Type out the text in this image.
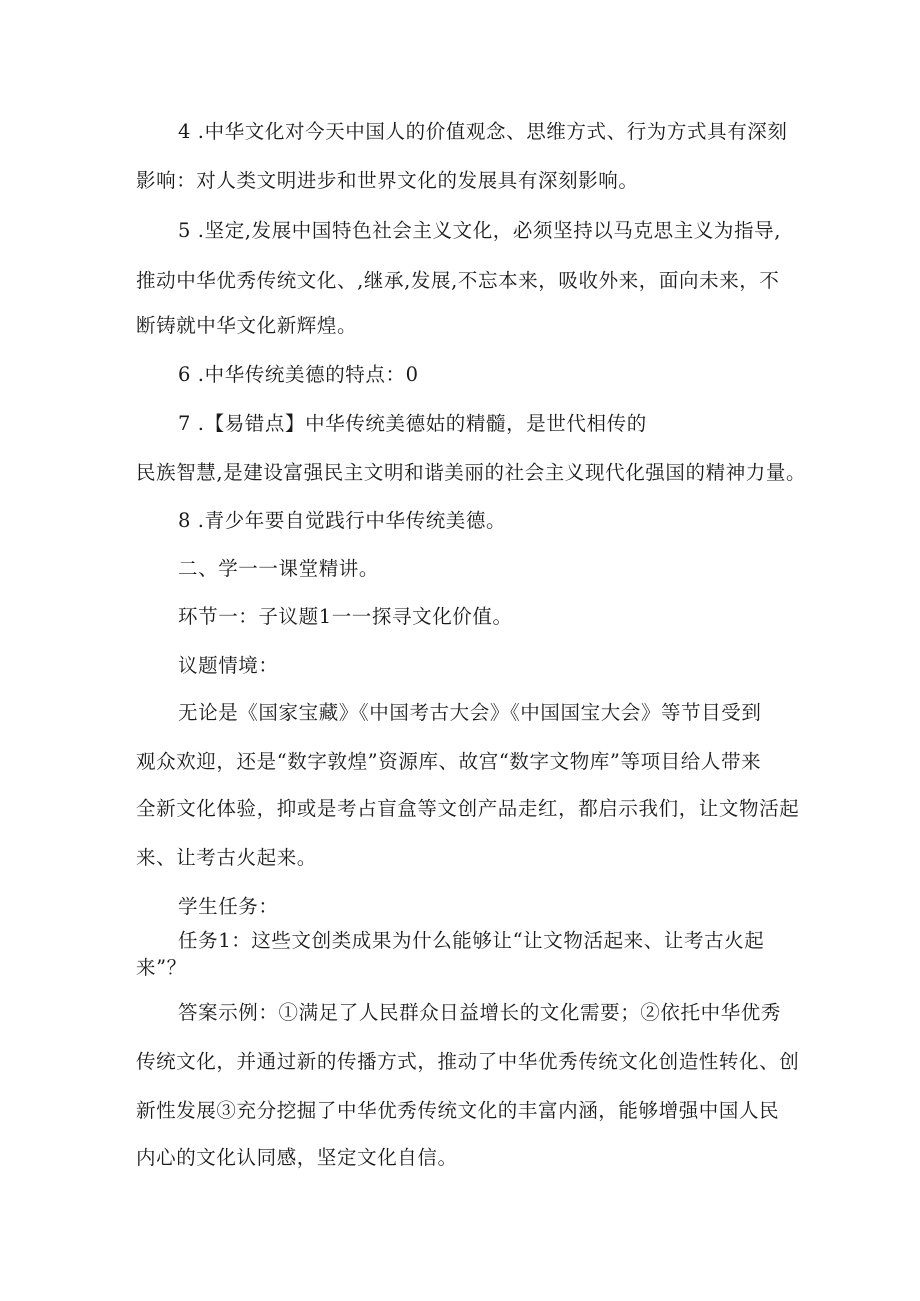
4 .中华文化对今天中国人的价值观念、思维方式、行为方式具有深刻
影响：对人类文明进步和世界文化的发展具有深刻影响。
5 .坚定,发展中国特色社会主义文化，必须坚持以马克思主义为指导,
推动中华优秀传统文化、,继承,发展,不忘本来，吸收外来，面向未来，不
断铸就中华文化新辉煌。
6 .中华传统美德的特点：0
7 .【易错点】中华传统美德姑的精髓，是世代相传的
民族智慧,是建设富强民主文明和谐美丽的社会主义现代化强国的精神力量。
8 .青少年要自觉践行中华传统美德。
二、学一一课堂精讲。
环节一：子议题1一一探寻文化价值。
议题情境：
无论是《国家宝藏》《中国考古大会》《中国国宝大会》等节目受到
观众欢迎，还是“数字敦煌”资源库、故宫“数字文物库”等项目给人带来
全新文化体验，抑或是考占盲盒等文创产品走红，都启示我们，让文物活起
来、让考古火起来。
学生任务：
任务1：这些文创类成果为什么能够让“让文物活起来、让考古火起
来”？
答案示例：①满足了人民群众日益增长的文化需要；②依托中华优秀
传统文化，并通过新的传播方式，推动了中华优秀传统文化创造性转化、创
新性发展③充分挖掘了中华优秀传统文化的丰富内涵，能够增强中国人民
内心的文化认同感，坚定文化自信。
